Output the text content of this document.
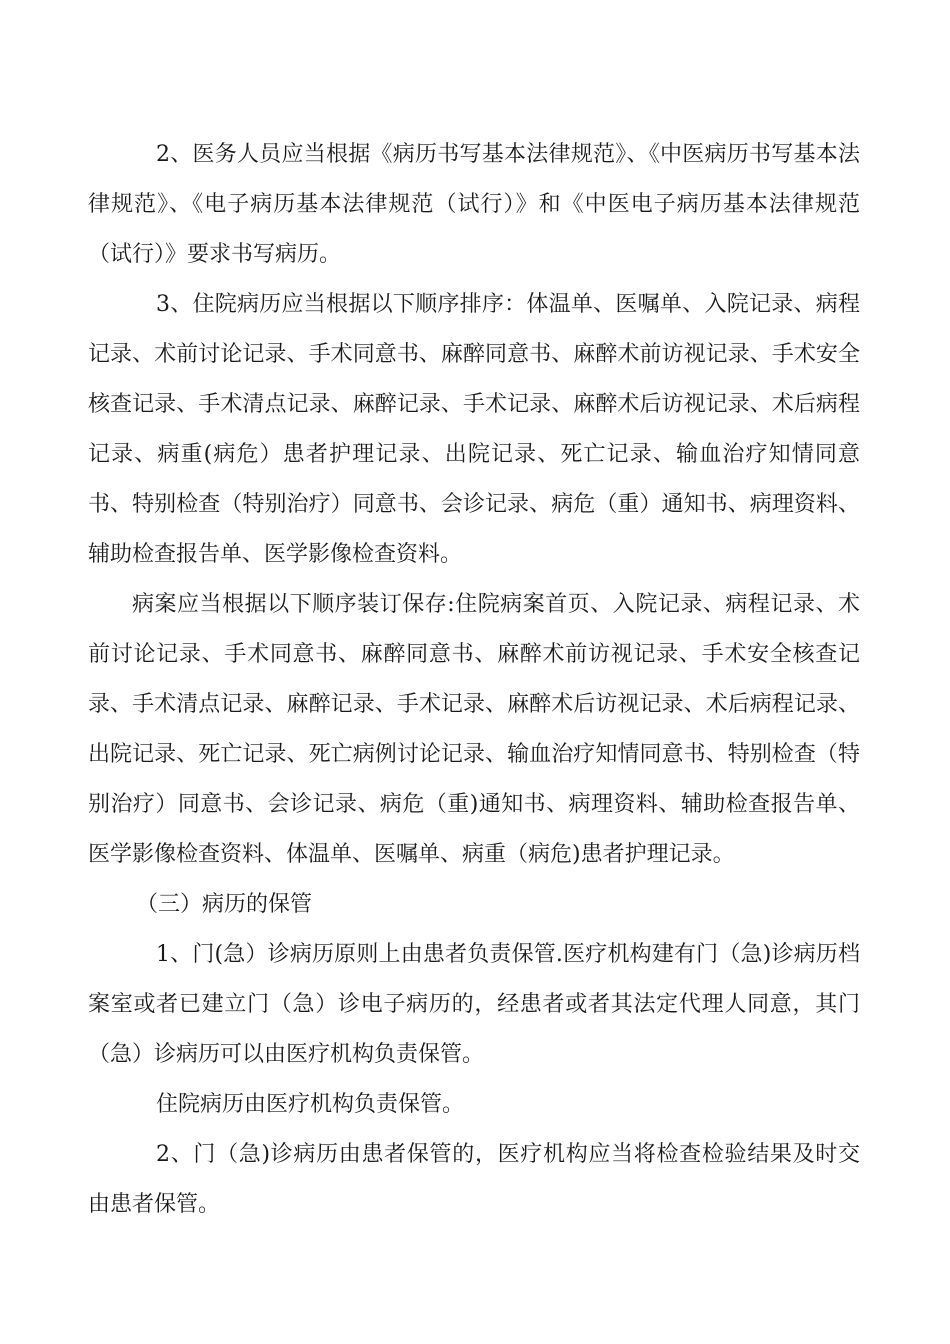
2、医务人员应当根据《病历书写基本法律规范》、《中医病历书写基本法律规范》、《电子病历基本法律规范（试行）》和《中医电子病历基本法律规范（试行）》要求书写病历。

3、住院病历应当根据以下顺序排序：体温单、医嘱单、入院记录、病程记录、术前讨论记录、手术同意书、麻醉同意书、麻醉术前访视记录、手术安全核查记录、手术清点记录、麻醉记录、手术记录、麻醉术后访视记录、术后病程记录、病重(病危）患者护理记录、出院记录、死亡记录、输血治疗知情同意书、特别检查（特别治疗）同意书、会诊记录、病危（重）通知书、病理资料、辅助检查报告单、医学影像检查资料。

病案应当根据以下顺序装订保存:住院病案首页、入院记录、病程记录、术前讨论记录、手术同意书、麻醉同意书、麻醉术前访视记录、手术安全核查记录、手术清点记录、麻醉记录、手术记录、麻醉术后访视记录、术后病程记录、出院记录、死亡记录、死亡病例讨论记录、输血治疗知情同意书、特别检查（特别治疗）同意书、会诊记录、病危（重)通知书、病理资料、辅助检查报告单、医学影像检查资料、体温单、医嘱单、病重（病危)患者护理记录。

（三）病历的保管

1、门(急）诊病历原则上由患者负责保管.医疗机构建有门（急)诊病历档案室或者已建立门（急）诊电子病历的，经患者或者其法定代理人同意，其门（急）诊病历可以由医疗机构负责保管。

住院病历由医疗机构负责保管。

2、门（急)诊病历由患者保管的，医疗机构应当将检查检验结果及时交由患者保管。
